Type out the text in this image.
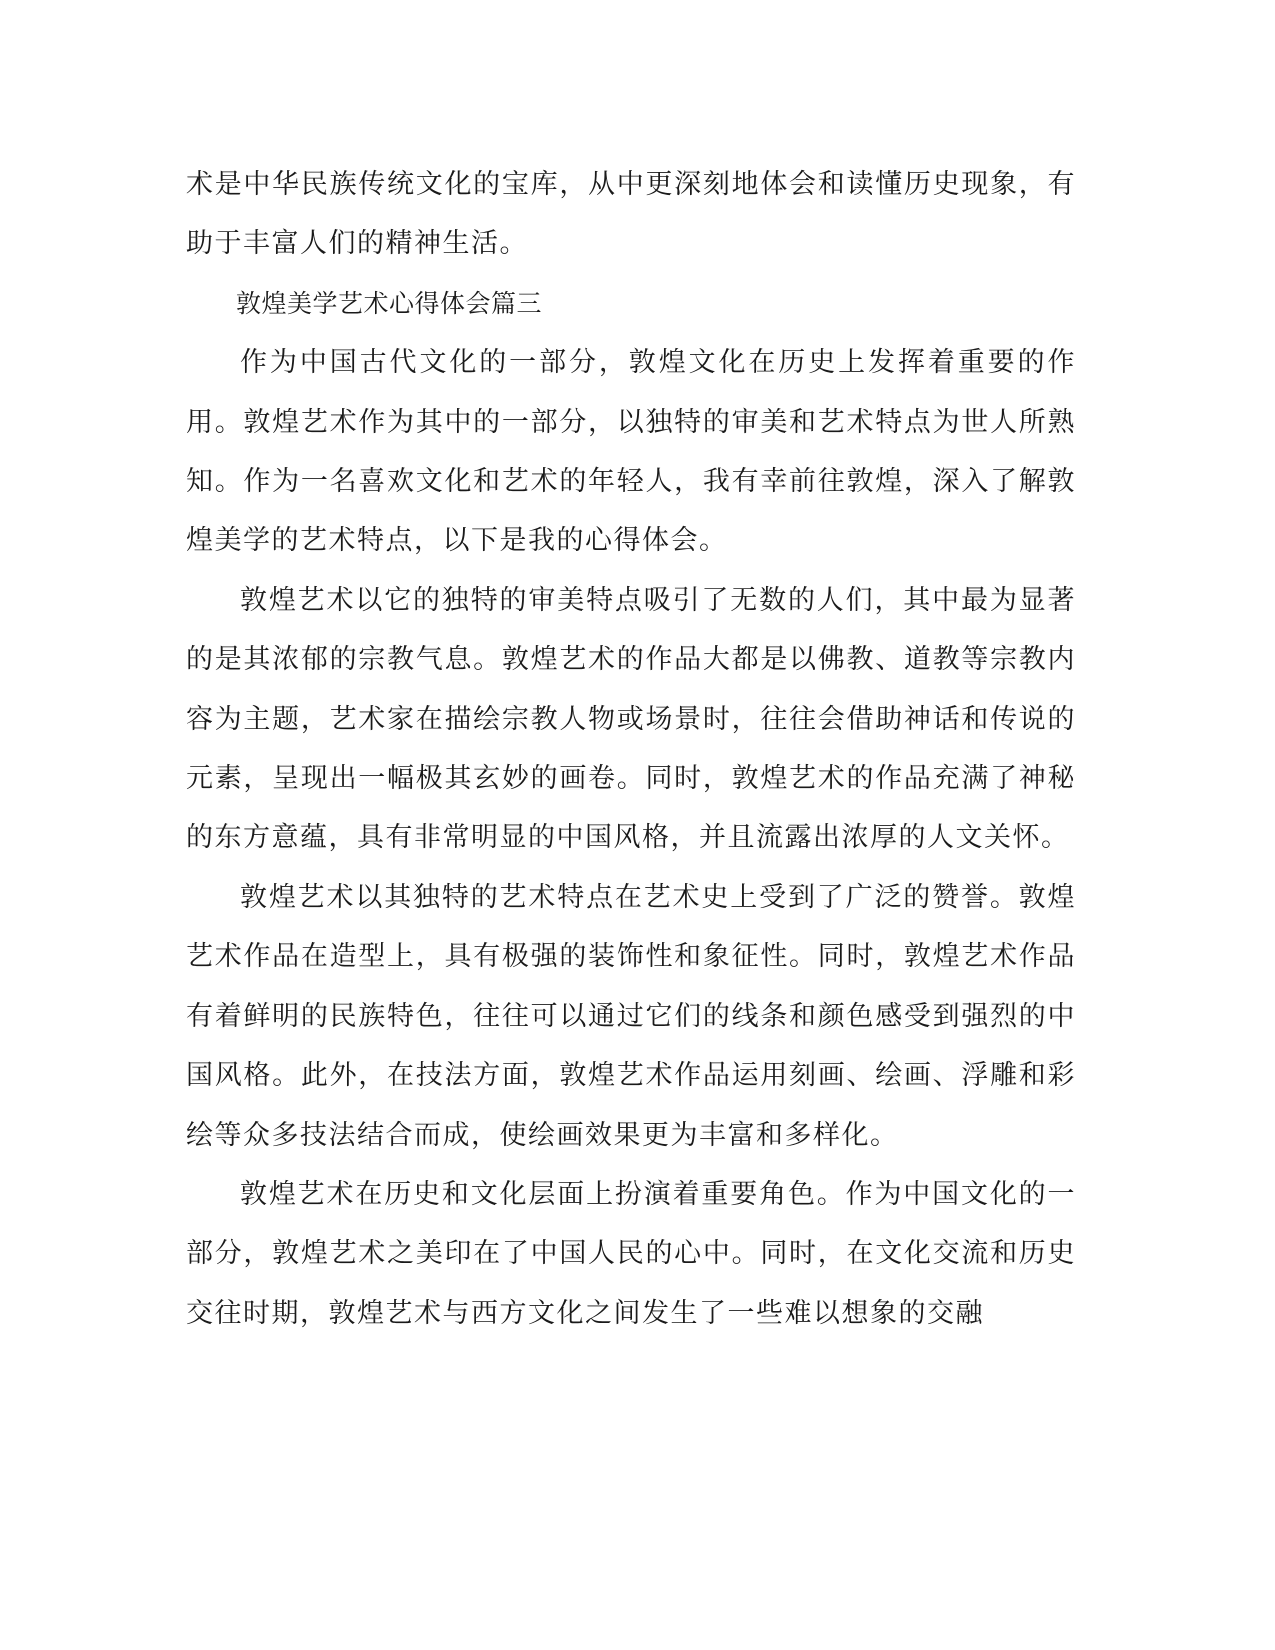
术是中华民族传统文化的宝库，从中更深刻地体会和读懂历史现象，有助于丰富人们的精神生活。

敦煌美学艺术心得体会篇三

作为中国古代文化的一部分，敦煌文化在历史上发挥着重要的作用。敦煌艺术作为其中的一部分，以独特的审美和艺术特点为世人所熟知。作为一名喜欢文化和艺术的年轻人，我有幸前往敦煌，深入了解敦煌美学的艺术特点，以下是我的心得体会。

敦煌艺术以它的独特的审美特点吸引了无数的人们，其中最为显著的是其浓郁的宗教气息。敦煌艺术的作品大都是以佛教、道教等宗教内容为主题，艺术家在描绘宗教人物或场景时，往往会借助神话和传说的元素，呈现出一幅极其玄妙的画卷。同时，敦煌艺术的作品充满了神秘的东方意蕴，具有非常明显的中国风格，并且流露出浓厚的人文关怀。

敦煌艺术以其独特的艺术特点在艺术史上受到了广泛的赞誉。敦煌艺术作品在造型上，具有极强的装饰性和象征性。同时，敦煌艺术作品有着鲜明的民族特色，往往可以通过它们的线条和颜色感受到强烈的中国风格。此外，在技法方面，敦煌艺术作品运用刻画、绘画、浮雕和彩绘等众多技法结合而成，使绘画效果更为丰富和多样化。

敦煌艺术在历史和文化层面上扮演着重要角色。作为中国文化的一部分，敦煌艺术之美印在了中国人民的心中。同时，在文化交流和历史交往时期，敦煌艺术与西方文化之间发生了一些难以想象的交融
